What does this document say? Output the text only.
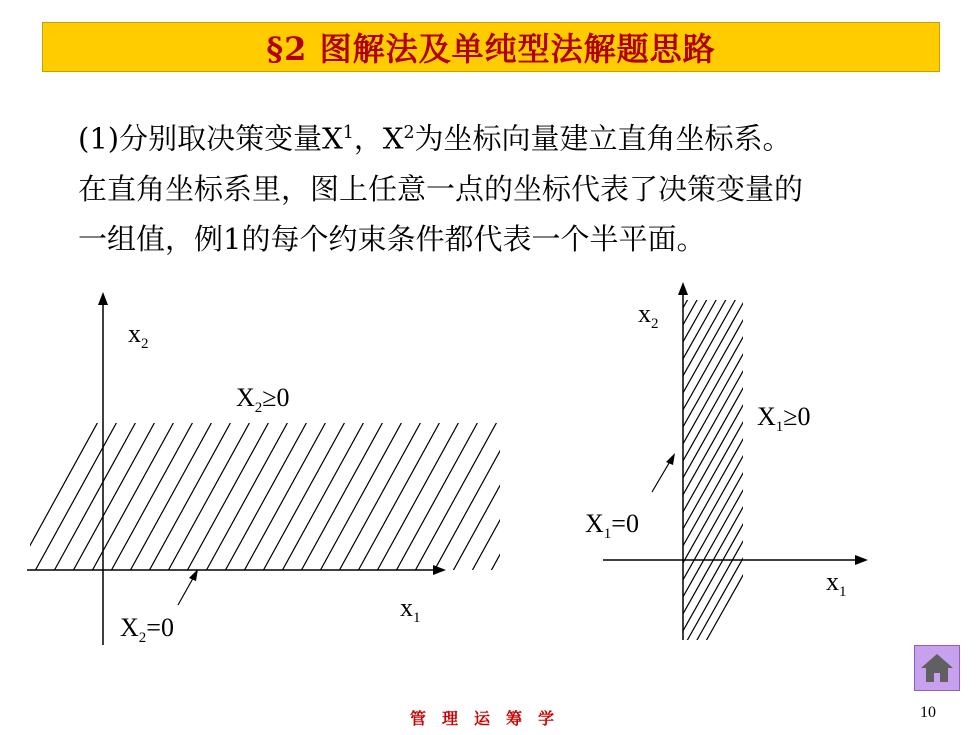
§2 图解法及单纯型法解题思路
(1)分别取决策变量$X^1$，$X^2$为坐标向量建立直角坐标系。
在直角坐标系里，图上任意一点的坐标代表了决策变量的
一组值，例1的每个约束条件都代表一个半平面。
$x_2$
$x_1$
$X_2\ge 0$
$X_2=0$
$x_2$
$x_1$
$X_1\ge 0$
$X_1=0$
管理运筹学	10
